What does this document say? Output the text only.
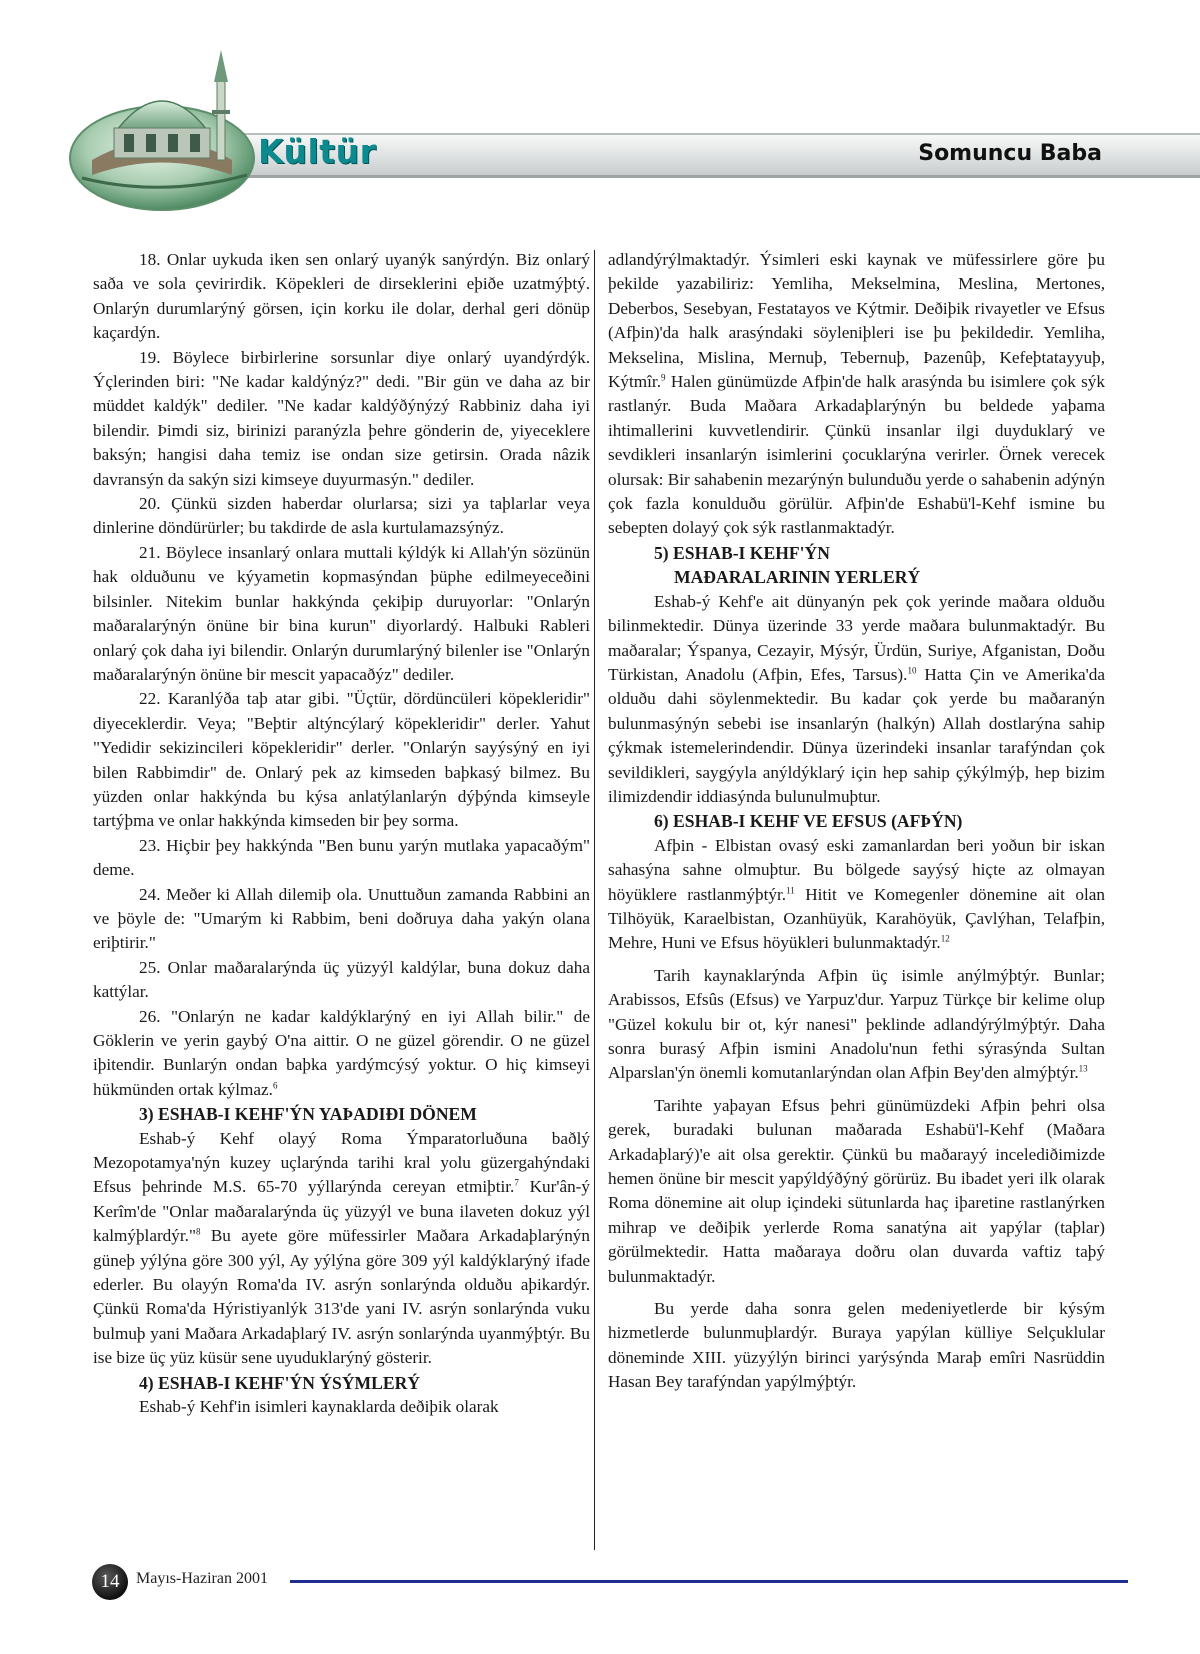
Kültür	Somuncu Baba

18. Onlar uykuda iken sen onlarý uyanýk sanýrdýn. Biz onlarý saða ve sola çevirirdik. Köpekleri de dirseklerini eþiðe uzatmýþtý. Onlarýn durumlarýný görsen, için korku ile dolar, derhal geri dönüp kaçardýn.

19. Böylece birbirlerine sorsunlar diye onlarý uyandýrdýk. Ýçlerinden biri: "Ne kadar kaldýnýz?" dedi. "Bir gün ve daha az bir müddet kaldýk" dediler. "Ne kadar kaldýðýnýzý Rabbiniz daha iyi bilendir. Þimdi siz, birinizi paranýzla þehre gönderin de, yiyeceklere baksýn; hangisi daha temiz ise ondan size getirsin. Orada nâzik davransýn da sakýn sizi kimseye duyurmasýn." dediler.

20. Çünkü sizden haberdar olurlarsa; sizi ya taþlarlar veya dinlerine döndürürler; bu takdirde de asla kurtulamazsýnýz.

21. Böylece insanlarý onlara muttali kýldýk ki Allah'ýn sözünün hak olduðunu ve kýyametin kopmasýndan þüphe edilmeyeceðini bilsinler. Nitekim bunlar hakkýnda çekiþip duruyorlar: "Onlarýn maðaralarýnýn önüne bir bina kurun" diyorlardý. Halbuki Rableri onlarý çok daha iyi bilendir. Onlarýn durumlarýný bilenler ise "Onlarýn maðaralarýnýn önüne bir mescit yapacaðýz" dediler.

22. Karanlýða taþ atar gibi. "Üçtür, dördüncüleri köpekleridir" diyeceklerdir. Veya; "Beþtir altýncýlarý köpekleridir" derler. Yahut "Yedidir sekizincileri köpekleridir" derler. "Onlarýn sayýsýný en iyi bilen Rabbimdir" de. Onlarý pek az kimseden baþkasý bilmez. Bu yüzden onlar hakkýnda bu kýsa anlatýlanlarýn dýþýnda kimseyle tartýþma ve onlar hakkýnda kimseden bir þey sorma.

23. Hiçbir þey hakkýnda "Ben bunu yarýn mutlaka yapacaðým" deme.

24. Meðer ki Allah dilemiþ ola. Unuttuðun zamanda Rabbini an ve þöyle de: "Umarým ki Rabbim, beni doðruya daha yakýn olana eriþtirir."

25. Onlar maðaralarýnda üç yüzyýl kaldýlar, buna dokuz daha kattýlar.

26. "Onlarýn ne kadar kaldýklarýný en iyi Allah bilir." de Göklerin ve yerin gaybý O'na aittir. O ne güzel görendir. O ne güzel iþitendir. Bunlarýn ondan baþka yardýmcýsý yoktur. O hiç kimseyi hükmünden ortak kýlmaz.$^6$

3) ESHAB-I KEHF'ÝN YAÞADIÐI DÖNEM

Eshab-ý Kehf olayý Roma Ýmparatorluðuna baðlý Mezopotamya'nýn kuzey uçlarýnda tarihi kral yolu güzergahýndaki Efsus þehrinde M.S. 65-70 yýllarýnda cereyan etmiþtir.$^7$ Kur'ân-ý Kerîm'de "Onlar maðaralarýnda üç yüzyýl ve buna ilaveten dokuz yýl kalmýþlardýr."$^8$ Bu ayete göre müfessirler Maðara Arkadaþlarýnýn güneþ yýlýna göre 300 yýl, Ay yýlýna göre 309 yýl kaldýklarýný ifade ederler. Bu olayýn Roma'da IV. asrýn sonlarýnda olduðu aþikardýr. Çünkü Roma'da Hýristiyanlýk 313'de yani IV. asrýn sonlarýnda vuku bulmuþ yani Maðara Arkadaþlarý IV. asrýn sonlarýnda uyanmýþtýr. Bu ise bize üç yüz küsür sene uyuduklarýný gösterir.

4) ESHAB-I KEHF'ÝN ÝSÝMLERÝ

Eshab-ý Kehf'in isimleri kaynaklarda deðiþik olarak

adlandýrýlmaktadýr. Ýsimleri eski kaynak ve müfessirlere göre þu þekilde yazabiliriz: Yemliha, Mekselmina, Meslina, Mertones, Deberbos, Sesebyan, Festatayos ve Kýtmir. Deðiþik rivayetler ve Efsus (Afþin)'da halk arasýndaki söyleniþleri ise þu þekildedir. Yemliha, Mekselina, Mislina, Mernuþ, Tebernuþ, Þazenûþ, Kefeþtatayyuþ, Kýtmîr.$^9$ Halen günümüzde Afþin'de halk arasýnda bu isimlere çok sýk rastlanýr. Buda Maðara Arkadaþlarýnýn bu beldede yaþama ihtimallerini kuvvetlendirir. Çünkü insanlar ilgi duyduklarý ve sevdikleri insanlarýn isimlerini çocuklarýna verirler. Örnek verecek olursak: Bir sahabenin mezarýnýn bulunduðu yerde o sahabenin adýnýn çok fazla konulduðu görülür. Afþin'de Eshabü'l-Kehf ismine bu sebepten dolayý çok sýk rastlanmaktadýr.

5) ESHAB-I KEHF'ÝN
MAÐARALARININ YERLERÝ

Eshab-ý Kehf'e ait dünyanýn pek çok yerinde maðara olduðu bilinmektedir. Dünya üzerinde 33 yerde maðara bulunmaktadýr. Bu maðaralar; Ýspanya, Cezayir, Mýsýr, Ürdün, Suriye, Afganistan, Doðu Türkistan, Anadolu (Afþin, Efes, Tarsus).$^{10}$ Hatta Çin ve Amerika'da olduðu dahi söylenmektedir. Bu kadar çok yerde bu maðaranýn bulunmasýnýn sebebi ise insanlarýn (halkýn) Allah dostlarýna sahip çýkmak istemelerindendir. Dünya üzerindeki insanlar tarafýndan çok sevildikleri, saygýyla anýldýklarý için hep sahip çýkýlmýþ, hep bizim ilimizdendir iddiasýnda bulunulmuþtur.

6) ESHAB-I KEHF VE EFSUS (AFÞÝN)

Afþin - Elbistan ovasý eski zamanlardan beri yoðun bir iskan sahasýna sahne olmuþtur. Bu bölgede sayýsý hiçte az olmayan höyüklere rastlanmýþtýr.$^{11}$ Hitit ve Komegenler dönemine ait olan Tilhöyük, Karaelbistan, Ozanhüyük, Karahöyük, Çavlýhan, Telafþin, Mehre, Huni ve Efsus höyükleri bulunmaktadýr.$^{12}$

Tarih kaynaklarýnda Afþin üç isimle anýlmýþtýr. Bunlar; Arabissos, Efsûs (Efsus) ve Yarpuz'dur. Yarpuz Türkçe bir kelime olup "Güzel kokulu bir ot, kýr nanesi" þeklinde adlandýrýlmýþtýr. Daha sonra burasý Afþin ismini Anadolu'nun fethi sýrasýnda Sultan Alparslan'ýn önemli komutanlarýndan olan Afþin Bey'den almýþtýr.$^{13}$

Tarihte yaþayan Efsus þehri günümüzdeki Afþin þehri olsa gerek, buradaki bulunan maðarada Eshabü'l-Kehf (Maðara Arkadaþlarý)'e ait olsa gerektir. Çünkü bu maðarayý incelediðimizde hemen önüne bir mescit yapýldýðýný görürüz. Bu ibadet yeri ilk olarak Roma dönemine ait olup içindeki sütunlarda haç iþaretine rastlanýrken mihrap ve deðiþik yerlerde Roma sanatýna ait yapýlar (taþlar) görülmektedir. Hatta maðaraya doðru olan duvarda vaftiz taþý bulunmaktadýr.

Bu yerde daha sonra gelen medeniyetlerde bir kýsým hizmetlerde bulunmuþlardýr. Buraya yapýlan külliye Selçuklular döneminde XIII. yüzyýlýn birinci yarýsýnda Maraþ emîri Nasrüddin Hasan Bey tarafýndan yapýlmýþtýr.

14	Mayıs-Haziran 2001
